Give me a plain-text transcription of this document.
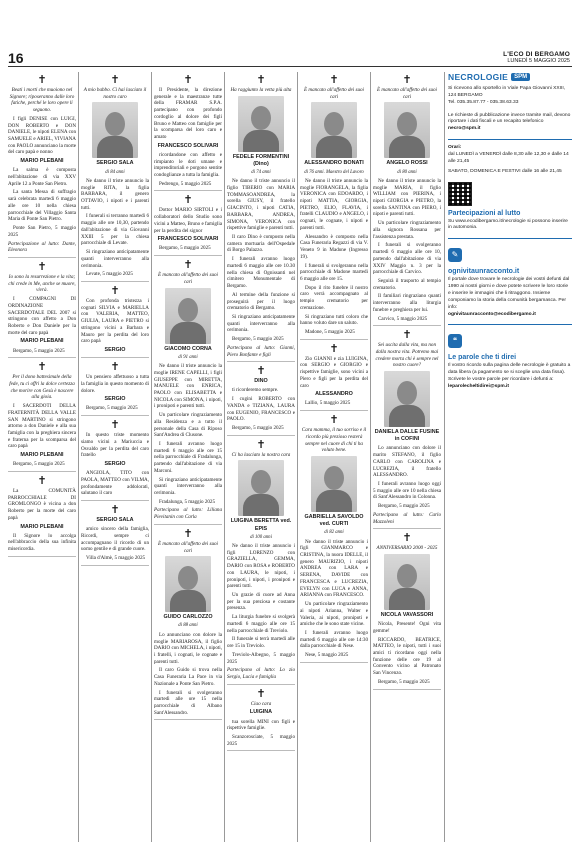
16	L'ECO DI BERGAMO
LUNEDÌ 5 MAGGIO 2025
✝

Beati i morti che muoiono nel Signore; riposeranno dalle loro fatiche, perché le loro opere li seguono.

I figli DENISE con LUIGI, DON ROBERTO e DON DANIELE, le nipoti ELENA con SAMUELE e ARIEL, VIVIANA con PAOLO annunciano la morte del caro papà e nonno

MARIO PLEBANI

La salma è composta nell'abitazione di via XXV Aprile 12 a Ponte San Pietro.

La santa Messa di suffragio sarà celebrata martedì 6 maggio alle ore 10 nella chiesa parrocchiale del Villaggio Santa Maria di Ponte San Pietro.

Ponte San Pietro, 5 maggio 2025

Partecipazione al lutto: Dante, Eleonora

✝

Io sono la resurrezione e la vita; chi crede in Me, anche se muore, vivrà.

I COMPAGNI DI ORDINAZIONE SACERDOTALE DEL 2007 si stringono con affetto a Don Roberto e Don Daniele per la morte del caro papà

MARIO PLEBANI

Bergamo, 5 maggio 2025

✝

Per il dono battesimale della fede, tu ci offri la dolce certezza che morire con Gesù è nascere alla gioia.

I SACERDOTI DELLA FRATERNITÀ DELLA VALLE SAN MARTINO si stringono attorno a don Daniele e alla sua famiglia con la preghiera sincera e fraterna per la scomparsa del caro papà

MARIO PLEBANI

Bergamo, 5 maggio 2025

✝

La COMUNITÀ PARROCCHIALE DI GROMLONGO è vicina a don Roberto per la morte del caro papà

MARIO PLEBANI

Il Signore lo accolga nell'abbraccio della sua infinita misericordia.

✝

A mio babbo. Ci hai lasciato il nostro caro

SERGIO SALA

di 84 anni

Ne danno il triste annuncio la moglie RITA, la figlia BARBARA, il genero OTTAVIO, i nipoti e i parenti tutti.

I funerali si terranno martedì 6 maggio alle ore 10,30, partendo dall'abitazione di via Giovanni XXIII 5 per la chiesa parrocchiale di Levate.

Si ringraziano anticipatamente quanti interverranno alla cerimonia.

Levate, 5 maggio 2025

✝

Con profonda tristezza i cognati SILVIA e MARIELLA con VALERIA, MATTEO, GIULIA, LAURA e PIETRO si stringono vicini a Barbara e Mauro per la perdita del loro caro papà

SERGIO

✝

Un pensiero affettuoso a tutta la famiglia in questo momento di dolore.

SERGIO

Bergamo, 5 maggio 2025

✝

In questo triste momento siamo vicini a Mariuccia e Osvaldo per la perdita del caro fratello

SERGIO

ANGIOLA, TITO con PAOLA, MATTEO con VILMA, profondamente addolorati, salutano il caro

✝

SERGIO SALA

amico sincero della famiglia, Ricordi, sempre ci accompagnano il ricordo di un uomo gentile e di grande cuore.

Villa d'Almè, 5 maggio 2025

✝

Il Presidente, la direzione generale e la maestranze tutte della FRAMAR S.P.A. partecipano con profondo cordoglio al dolore dei figli Bruno e Matteo con famiglie per la scomparsa del loro caro e amato

FRANCESCO SOLIVARI

ricordandone con affetto e rimpianto le doti umane e imprenditoriali e porgono sentite condoglianze a tutta la famiglia.

Pedrengo, 5 maggio 2025

✝

Dottor MARIO SIRTOLI e i collaboratori dello Studio sono vicini a Matteo, Bruno e famiglia per la perdita del signor

FRANCESCO SOLIVARI

Bergamo, 5 maggio 2025

✝

È mancato all'affetto dei suoi cari

GIACOMO CORNA

di 91 anni

Ne danno il triste annuncio la moglie IRENE CAPELLI, i figli GIUSEPPE con MIRETTA, MANUELE con ENRICA, PAOLO con ELISABETTA e NICOLA con SIMONA, i nipoti, i pronipoti e parenti tutti.

Un particolare ringraziamento alla Residenza e a tutto il personale della Casa di Riposo Sant'Andrea di Clusone.

I funerali avranno luogo martedì 6 maggio alle ore 15 nella parrocchiale di Fradalunga, partendo dall'abitazione di via Marconi.

Si ringraziano anticipatamente quanti interverranno alla cerimonia.

Fradalunga, 5 maggio 2025

Partecipano al lutto: Liliana Pievitanin con Carla

✝

È mancato all'affetto dei suoi cari

GUIDO CARLOZZO

di 88 anni

Lo annunciano con dolore la moglie MARIAROSA, il figlio DARIO con MICHELA, i nipoti, i fratelli, i cognati, le cognate e parenti tutti.

Il caro Guido si trova nella Casa Funeraria La Pace in via Nazionale a Ponte San Pietro.

I funerali si svolgeranno martedì alle ore 15 nella parrocchiale di Albano Sant'Alessandro.

✝

Ha raggiunto la vetta più alta

FEDELE FORMENTINI (Dino)

di 74 anni

Ne danno il triste annuncio il figlio TIBERIO con MARIA TOMMASOANDREA, la sorella GIUSY, il fratello GIACINTO, i nipoti CATIA, BARBARA, ANDREA, SIMONA, VERONICA con rispettive famiglie e parenti tutti.

Il caro Dino è composto nella camera mortuaria dell'Ospedale di Borgo Palazzo.

I funerali avranno luogo martedì 6 maggio alle ore 10.30 nella chiesa di Ognissanti nel cimitero Monumentale di Bergamo.

Al termine della funzione si proseguirà per il luogo crematorio di Bergamo.

Si ringraziano anticipatamente quanti interverranno alla cerimonia.

Bergamo, 5 maggio 2025

Partecipano al lutto: Gianni, Piero Bonfante e figli

✝

DINO

ti ricorderemo sempre.

I cugini ROBERTO con VANDA e TIZIANA, LAURA con EUGENIO, FRANCESCO e PAOLO.

Bergamo, 5 maggio 2025

✝

Ci ha lasciato la nostra cara

LUIGINA BERETTA ved. EPIS

di 100 anni

Ne danno il triste annuncio i figli LORENZO con GRAZIELLA, GEMMA, DARIO con ROSA e ROBERTO con LAURA, le nipoti, i pronipoti, i nipoti, i pronipoti e parenti tutti.

Un grazie di cuore ad Anna per la sua preziosa e costante presenza.

La liturgia funebre si svolgerà martedì 6 maggio alle ore 15 nella parrocchiale di Treviolo.

Il funerale si terrà martedì alle ore 15 in Treviolo.

Treviolo-Albegno, 5 maggio 2025

Partecipano al lutto: Lo zio Sergio, Lucia e famiglia

✝

Ciao cara

LUIGINA

tua sorella MINI con figli e rispettive famiglie.

Scanzorosciate, 5 maggio 2025

✝

È mancato all'affetto dei suoi cari

ALESSANDRO BONATI

di 76 anni. Maestro del Lavoro

Ne danno il triste annuncio la moglie FIORANGELA, la figlia VERONICA con EDOARDO, i nipoti MATTIA, GIORGIA, PIETRO, ELIO, FLAVIA, i fratelli CLAUDIO e ANGELO, i cognati, le cognate, i nipoti e parenti tutti.

Alessandro è composto nella Casa Funeraria Regazzi di via V. Veneto 9 in Madone (Ingresso 19).

I funerali si svolgeranno nella parrocchiale di Madone martedì 6 maggio alle ore 15.

Dopo il rito funebre il nostro caro verrà accompagnato al tempio crematorio per cremazione.

Si ringraziano tutti coloro che hanno voluto dare un saluto.

Madone, 5 maggio 2025

✝

Zio GIANNI e zia LUIGINA, con SERGIO e GIORGIO e rispettive famiglie, sono vicini a Piero e figli per la perdita del caro

ALESSANDRO

Lallio, 5 maggio 2025

✝

Cara mamma, il tuo sorriso e il ricordo più prezioso resterà sempre nel cuore di chi ti ha voluto bene.

GABRIELLA SAVOLDO ved. CURTI

di 82 anni

Ne danno il triste annuncio i figli GIANMARCO e CRISTINA, la nuora IDELLE, il genero MAURIZIO, i nipoti ANDREA con LARA e SERENA, DAVIDE con FRANCESCA e LUCREZIA, EVELYN con LUCA e ANNA, ARIANNA con FRANCESCO.

Un particolare ringraziamento ai nipoti Arianna, Walter e Valeria, ai nipoti, pronipoti e amiche che le sono state vicine.

I funerali avranno luogo martedì 6 maggio alle ore 14:30 dalla parrocchiale di Nese.

Nese, 5 maggio 2025

✝

È mancato all'affetto dei suoi cari

ANGELO ROSSI

di 80 anni

Ne danno il triste annuncio la moglie MARIA, il figlio WILLIAM con PIERINA, i nipoti GIORGIA e PIETRO, la sorella SANTINA con PIERO, i nipoti e parenti tutti.

Un particolare ringraziamento alla signora Rossana per l'assistenza prestata.

I funerali si svolgeranno martedì 6 maggio alle ore 10, partendo dall'abitazione di via XXIV Maggio n. 3 per la parrocchiale di Carvico.

Seguirà il trasporto al tempio crematorio.

Il familiari ringraziano quanti interverranno alla liturgia funebre e preghiera per lui.

Carvico, 5 maggio 2025

✝

Sei uscita dalla vita, ma non dalla nostra vita. Potremo mai credere morta chi è sempre nel nostro cuore?

DANIELA DALLE FUSINE in COFINI

Lo annunciano con dolore il marito STEFANO, il figlio CARLO con CAROLINA e LUCREZIA, il fratello ALESSANDRO.

I funerali avranno luogo oggi 5 maggio alle ore 10 nella chiesa di Sant'Alessandro in Colonna.

Bergamo, 5 maggio 2025

Partecipano al lutto: Carlo Mazzoleni

✝

ANNIVERSARIO 2000 - 2025

NICOLA VAVASSORI

Nicola, Presente! Ogni vita gemme!

RICCARDO, BEATRICE, MATTEO, le nipoti, tutti i suoi amici ti ricordano oggi nella funzione delle ore 19 al Convento vicino al Patronato San Vincenzo.

Bergamo, 5 maggio 2025

NECROLOGIE	SPM
Si ricevono allo sportello in Viale Papa Giovanni XXIII, 124 BERGAMO
Tel. 035.35.87.77 - 035.38.63.33
Le richieste di pubblicazione invece tramite mail, devono riportare i dati fiscali e un recapito telefonico
necro@spm.it
Orari:
dal LUNEDÌ a VENERDÌ dalle 8,30 alle 12,30 e dalle 14 alle 21,45
SABATO, DOMENICA E FESTIVI dalle 16 alle 21,45
Partecipazioni al lutto
Su www.ecodibergamo.it/necrologie si possono inserire in automonia.
✎
ognivitaunracconto.it
Il portale dove trovare le necrologie dei vostri defunti dal 1990 ai nostri giorni e dove potete scrivere le loro storie e inserire le immagini che li ritraggono. Insieme componiamo la storia della comunità bergamasca. Per info:
ognivitaunracconto@ecodibergamo.it
❝
Le parole che ti direi
Il vostro ricordo sulla pagina delle necrologie è gratuito a data libera (a pagamento se si sceglie una data fissa). Scrivete le vostre parole per ricordare i defunti a:
leparolecheltidirei@spm.it
